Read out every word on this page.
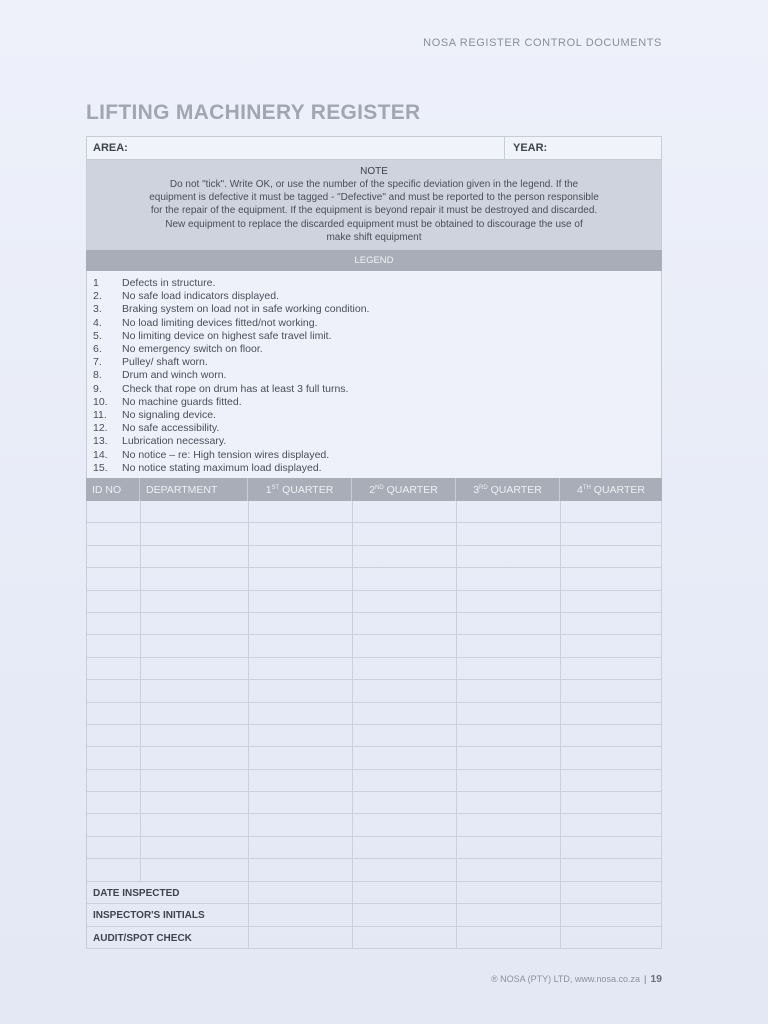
NOSA REGISTER CONTROL DOCUMENTS
LIFTING MACHINERY REGISTER
AREA:	YEAR:
NOTE
Do not "tick". Write OK, or use the number of the specific deviation given in the legend. If the
equipment is defective it must be tagged - "Defective" and must be reported to the person responsible
for the repair of the equipment. If the equipment is beyond repair it must be destroyed and discarded.
New equipment to replace the discarded equipment must be obtained to discourage the use of
make shift equipment
LEGEND
1	Defects in structure.
2.	No safe load indicators displayed.
3.	Braking system on load not in safe working condition.
4.	No load limiting devices fitted/not working.
5.	No limiting device on highest safe travel limit.
6.	No emergency switch on floor.
7.	Pulley/ shaft worn.
8.	Drum and winch worn.
9.	Check that rope on drum has at least 3 full turns.
10.	No machine guards fitted.
11.	No signaling device.
12.	No safe accessibility.
13.	Lubrication necessary.
14.	No notice – re: High tension wires displayed.
15.	No notice stating maximum load displayed.
ID NO	DEPARTMENT	1ST QUARTER	2ND QUARTER	3RD QUARTER	4TH QUARTER
DATE INSPECTED
INSPECTOR'S INITIALS
AUDIT/SPOT CHECK
® NOSA (PTY) LTD, www.nosa.co.za | 19
